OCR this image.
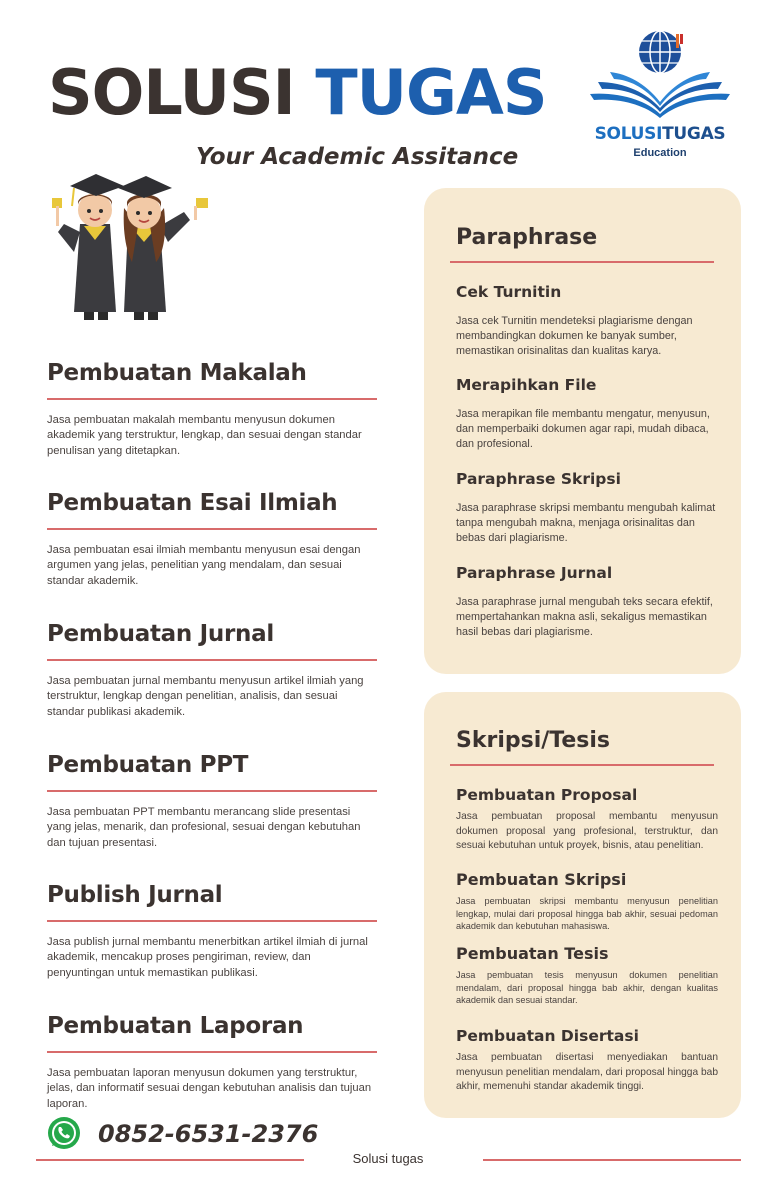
SOLUSI TUGAS
Your Academic Assitance
SOLUSITUGAS
Education
Pembuatan Makalah

Jasa pembuatan makalah membantu menyusun dokumen akademik yang terstruktur, lengkap, dan sesuai dengan standar penulisan yang ditetapkan.

Pembuatan Esai Ilmiah

Jasa pembuatan esai ilmiah membantu menyusun esai dengan argumen yang jelas, penelitian yang mendalam, dan sesuai standar akademik.

Pembuatan Jurnal

Jasa pembuatan jurnal membantu menyusun artikel ilmiah yang terstruktur, lengkap dengan penelitian, analisis, dan sesuai standar publikasi akademik.

Pembuatan PPT

Jasa pembuatan PPT membantu merancang slide presentasi yang jelas, menarik, dan profesional, sesuai dengan kebutuhan dan tujuan presentasi.

Publish Jurnal

Jasa publish jurnal membantu menerbitkan artikel ilmiah di jurnal akademik, mencakup proses pengiriman, review, dan penyuntingan untuk memastikan publikasi.

Pembuatan Laporan

Jasa pembuatan laporan menyusun dokumen yang terstruktur, jelas, dan informatif sesuai dengan kebutuhan analisis dan tujuan laporan.

Paraphrase
Cek Turnitin

Jasa cek Turnitin mendeteksi plagiarisme dengan membandingkan dokumen ke banyak sumber, memastikan orisinalitas dan kualitas karya.

Merapihkan File

Jasa merapikan file membantu mengatur, menyusun, dan memperbaiki dokumen agar rapi, mudah dibaca, dan profesional.

Paraphrase Skripsi

Jasa paraphrase skripsi membantu mengubah kalimat tanpa mengubah makna, menjaga orisinalitas dan bebas dari plagiarisme.

Paraphrase Jurnal

Jasa paraphrase jurnal mengubah teks secara efektif, mempertahankan makna asli, sekaligus memastikan hasil bebas dari plagiarisme.

Skripsi/Tesis
Pembuatan Proposal

Jasa pembuatan proposal membantu menyusun dokumen proposal yang profesional, terstruktur, dan sesuai kebutuhan untuk proyek, bisnis, atau penelitian.

Pembuatan Skripsi

Jasa pembuatan skripsi membantu menyusun penelitian lengkap, mulai dari proposal hingga bab akhir, sesuai pedoman akademik dan kebutuhan mahasiswa.

Pembuatan Tesis

Jasa pembuatan tesis menyusun dokumen penelitian mendalam, dari proposal hingga bab akhir, dengan kualitas akademik dan sesuai standar.

Pembuatan Disertasi

Jasa pembuatan disertasi menyediakan bantuan menyusun penelitian mendalam, dari proposal hingga bab akhir, memenuhi standar akademik tinggi.

0852-6531-2376
Solusi tugas
